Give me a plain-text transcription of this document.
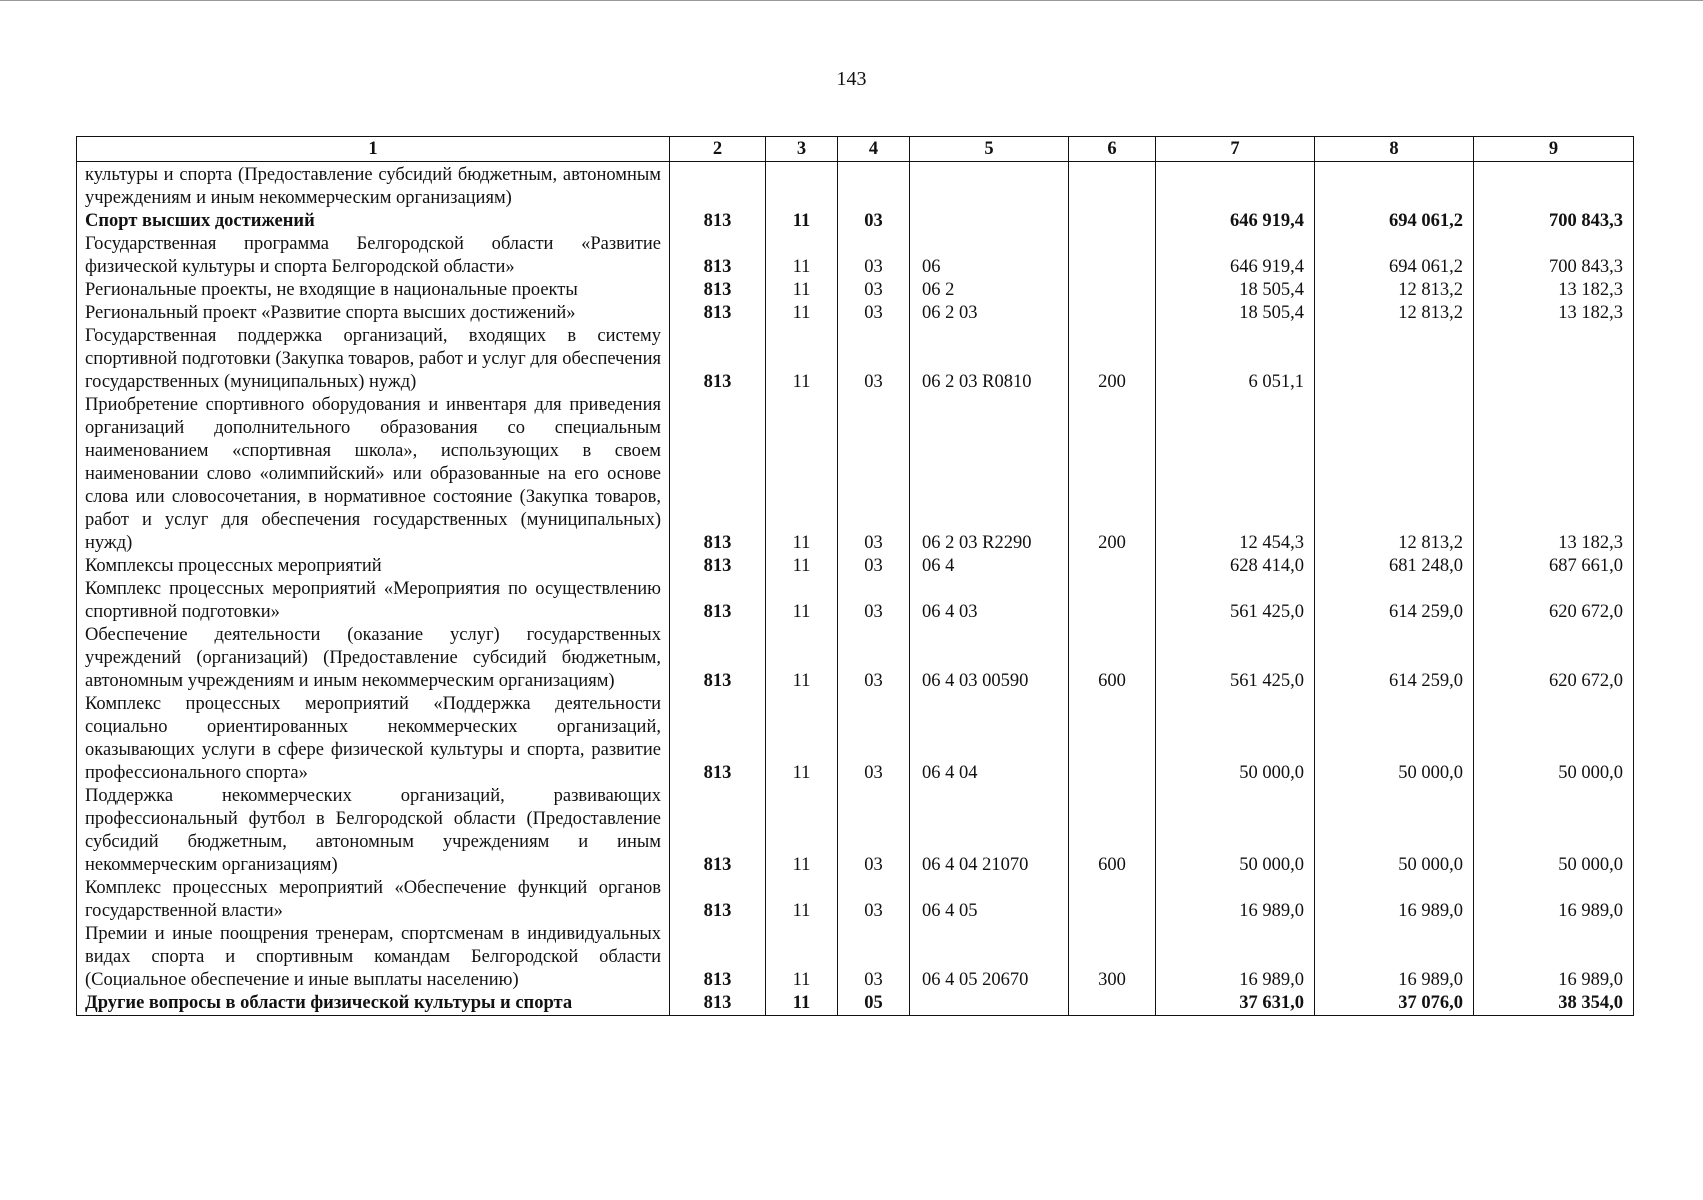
143
1	2	3	4	5	6	7	8	9
культуры и спорта (Предоставление субсидий бюджетным, автономным учреждениям и иным некоммерческим организациям)								
Спорт высших достижений	813	11	03			646 919,4	694 061,2	700 843,3
Государственная программа Белгородской области «Развитие физической культуры и спорта Белгородской области»	813	11	03	06		646 919,4	694 061,2	700 843,3
Региональные проекты, не входящие в национальные проекты	813	11	03	06 2		18 505,4	12 813,2	13 182,3
Региональный проект «Развитие спорта высших достижений»	813	11	03	06 2 03		18 505,4	12 813,2	13 182,3
Государственная поддержка организаций, входящих в систему спортивной подготовки (Закупка товаров, работ и услуг для обеспечения государственных (муниципальных) нужд)	813	11	03	06 2 03 R0810	200	6 051,1		
Приобретение спортивного оборудования и инвентаря для приведения организаций дополнительного образования со специальным наименованием «спортивная школа», использующих в своем наименовании слово «олимпийский» или образованные на его основе слова или словосочетания, в нормативное состояние (Закупка товаров, работ и услуг для обеспечения государственных (муниципальных) нужд)	813	11	03	06 2 03 R2290	200	12 454,3	12 813,2	13 182,3
Комплексы процессных мероприятий	813	11	03	06 4		628 414,0	681 248,0	687 661,0
Комплекс процессных мероприятий «Мероприятия по осуществлению спортивной подготовки»	813	11	03	06 4 03		561 425,0	614 259,0	620 672,0
Обеспечение деятельности (оказание услуг) государственных учреждений (организаций) (Предоставление субсидий бюджетным, автономным учреждениям и иным некоммерческим организациям)	813	11	03	06 4 03 00590	600	561 425,0	614 259,0	620 672,0
Комплекс процессных мероприятий «Поддержка деятельности социально ориентированных некоммерческих организаций, оказывающих услуги в сфере физической культуры и спорта, развитие профессионального спорта»	813	11	03	06 4 04		50 000,0	50 000,0	50 000,0
Поддержка некоммерческих организаций, развивающих профессиональный футбол в Белгородской области (Предоставление субсидий бюджетным, автономным учреждениям и иным некоммерческим организациям)	813	11	03	06 4 04 21070	600	50 000,0	50 000,0	50 000,0
Комплекс процессных мероприятий «Обеспечение функций органов государственной власти»	813	11	03	06 4 05		16 989,0	16 989,0	16 989,0
Премии и иные поощрения тренерам, спортсменам в индивидуальных видах спорта и спортивным командам Белгородской области (Социальное обеспечение и иные выплаты населению)	813	11	03	06 4 05 20670	300	16 989,0	16 989,0	16 989,0
Другие вопросы в области физической культуры и спорта	813	11	05			37 631,0	37 076,0	38 354,0
